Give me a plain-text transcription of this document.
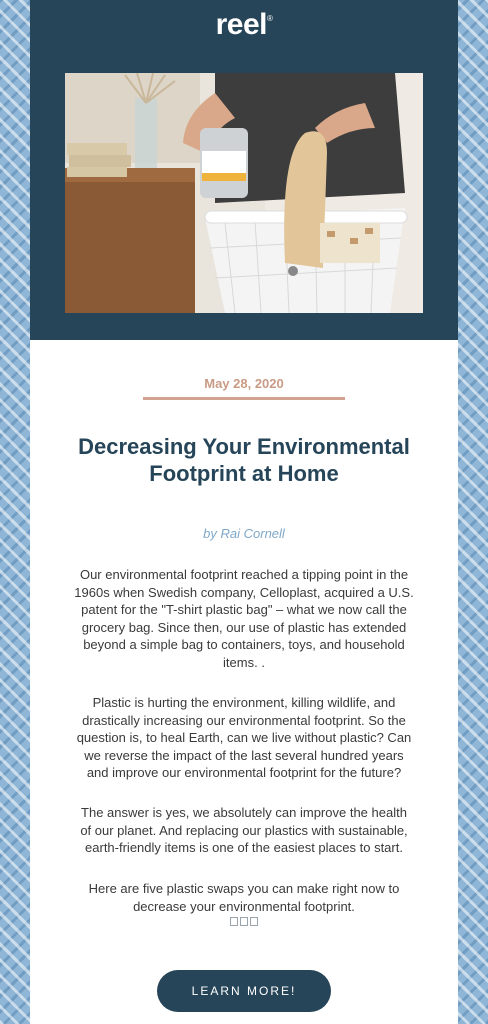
reel®
May 28, 2020
Decreasing Your Environmental Footprint at Home
by Rai Cornell

Our environmental footprint reached a tipping point in the 1960s when Swedish company, Celloplast, acquired a U.S. patent for the "T-shirt plastic bag" – what we now call the grocery bag. Since then, our use of plastic has extended beyond a simple bag to containers, toys, and household items. .

Plastic is hurting the environment, killing wildlife, and drastically increasing our environmental footprint. So the question is, to heal Earth, can we live without plastic? Can we reverse the impact of the last several hundred years and improve our environmental footprint for the future?

The answer is yes, we absolutely can improve the health of our planet. And replacing our plastics with sustainable, earth-friendly items is one of the easiest places to start.

Here are five plastic swaps you can make right now to decrease your environmental footprint.

LEARN MORE!
